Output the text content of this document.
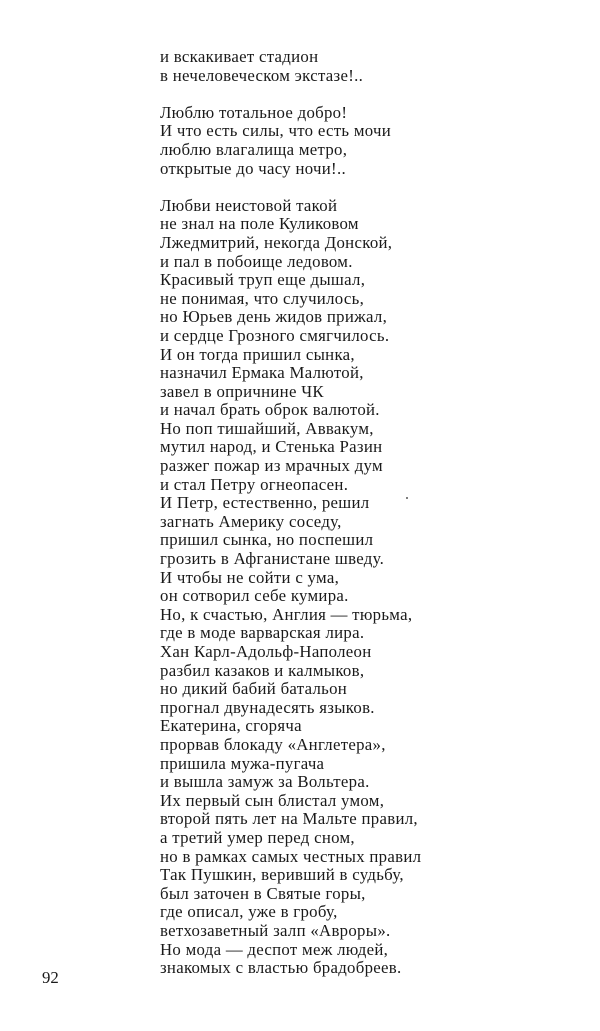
и вскакивает стадион
в нечеловеческом экстазе!..
Люблю тотальное добро!
И что есть силы, что есть мочи
люблю влагалища метро,
открытые до часу ночи!..
Любви неистовой такой
не знал на поле Куликовом
Лжедмитрий, некогда Донской,
и пал в побоище ледовом.
Красивый труп еще дышал,
не понимая, что случилось,
но Юрьев день жидов прижал,
и сердце Грозного смягчилось.
И он тогда пришил сынка,
назначил Ермака Малютой,
завел в опричнине ЧК
и начал брать оброк валютой.
Но поп тишайший, Аввакум,
мутил народ, и Стенька Разин
разжег пожар из мрачных дум
и стал Петру огнеопасен.
И Петр, естественно, решил
загнать Америку соседу,
пришил сынка, но поспешил
грозить в Афганистане шведу.
И чтобы не сойти с ума,
он сотворил себе кумира.
Но, к счастью, Англия — тюрьма,
где в моде варварская лира.
Хан Карл-Адольф-Наполеон
разбил казаков и калмыков,
но дикий бабий батальон
прогнал двунадесять языков.
Екатерина, сгоряча
прорвав блокаду «Англетера»,
пришила мужа-пугача
и вышла замуж за Вольтера.
Их первый сын блистал умом,
второй пять лет на Мальте правил,
а третий умер перед сном,
но в рамках самых честных правил
Так Пушкин, веривший в судьбу,
был заточен в Святые горы,
где описал, уже в гробу,
ветхозаветный залп «Авроры».
Но мода — деспот меж людей,
знакомых с властью брадобреев.
92
